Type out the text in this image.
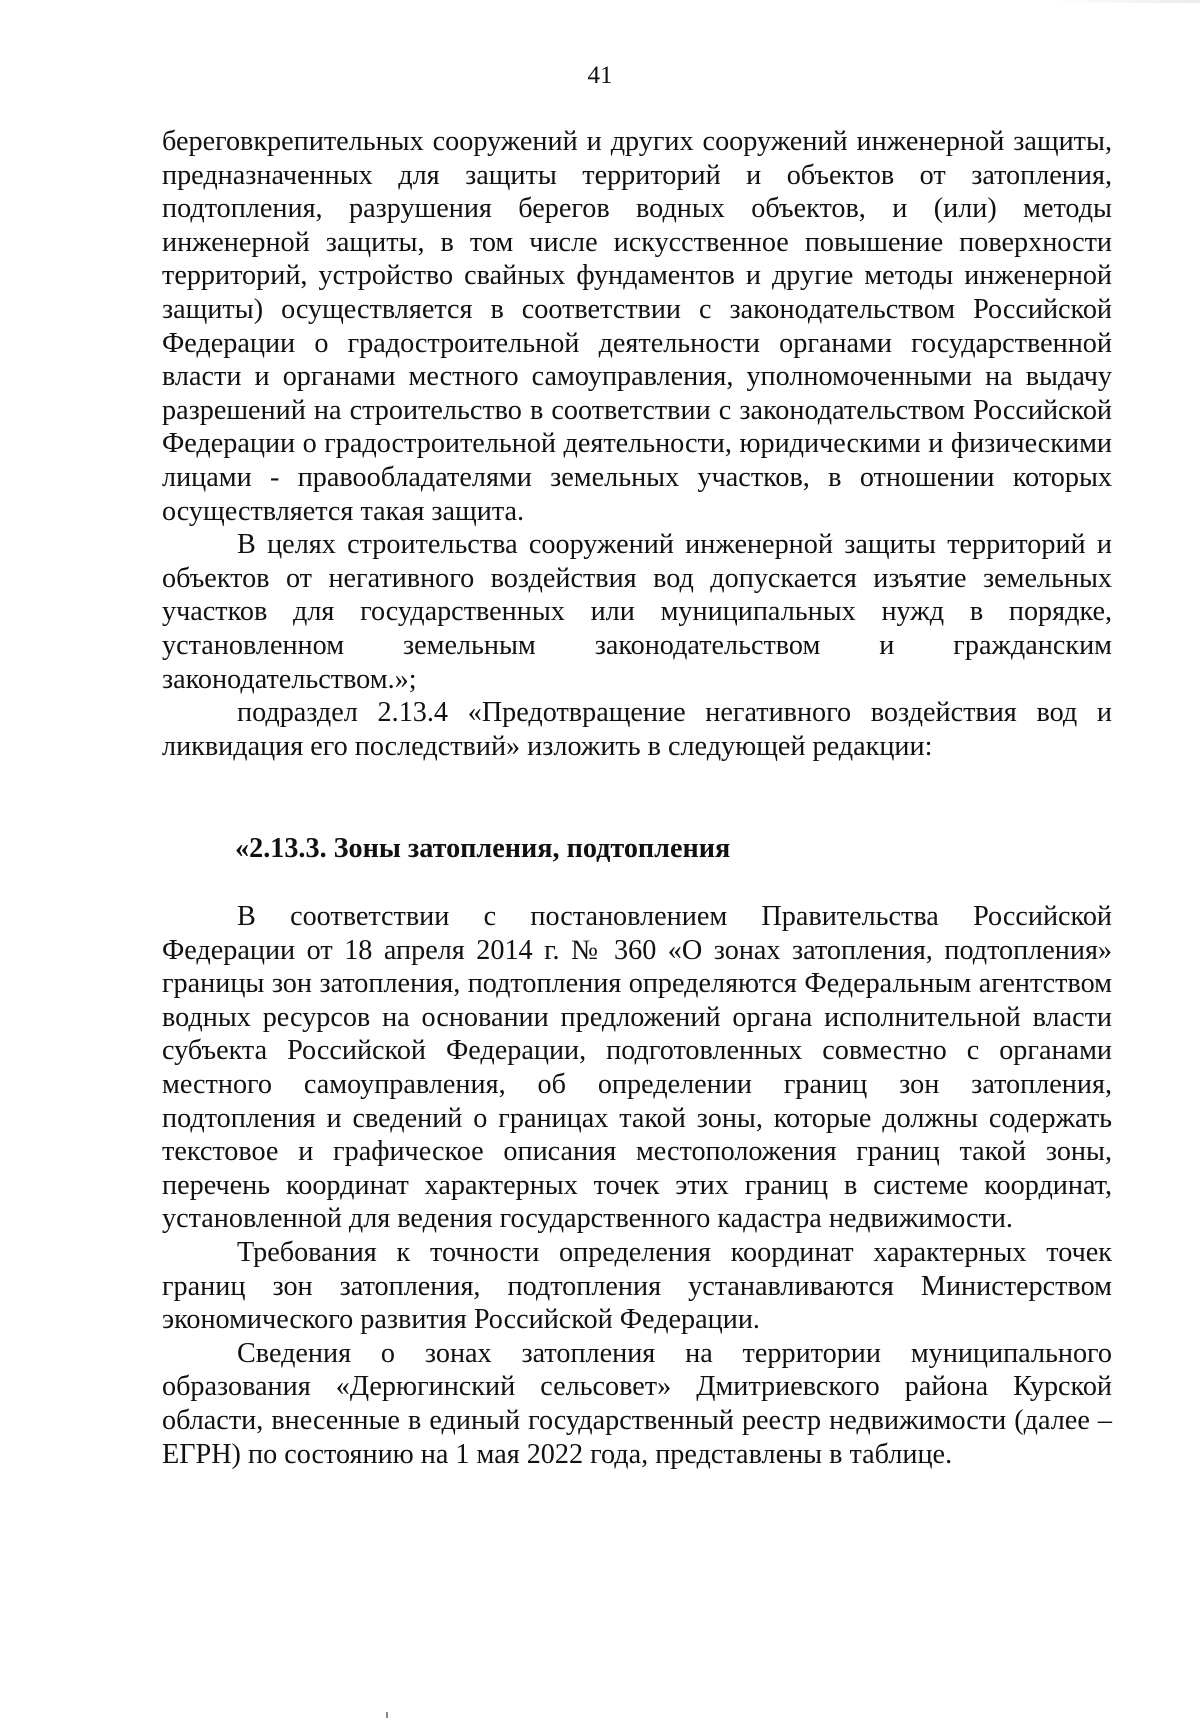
41

береговкрепительных сооружений и других сооружений инженерной защиты, предназначенных для защиты территорий и объектов от затопления, подтопления, разрушения берегов водных объектов, и (или) методы инженерной защиты, в том числе искусственное повышение поверхности территорий, устройство свайных фундаментов и другие методы инженерной защиты) осуществляется в соответствии с законодательством Российской Федерации о градостроительной деятельности органами государственной власти и органами местного самоуправления, уполномоченными на выдачу разрешений на строительство в соответствии с законодательством Российской Федерации о градостроительной деятельности, юридическими и физическими лицами - правообладателями земельных участков, в отношении которых осуществляется такая защита.

В целях строительства сооружений инженерной защиты территорий и объектов от негативного воздействия вод допускается изъятие земельных участков для государственных или муниципальных нужд в порядке, установленном земельным законодательством и гражданским законодательством.»;

подраздел 2.13.4 «Предотвращение негативного воздействия вод и ликвидация его последствий» изложить в следующей редакции:

«2.13.3. Зоны затопления, подтопления

В соответствии с постановлением Правительства Российской Федерации от 18 апреля 2014 г. № 360 «О зонах затопления, подтопления» границы зон затопления, подтопления определяются Федеральным агентством водных ресурсов на основании предложений органа исполнительной власти субъекта Российской Федерации, подготовленных совместно с органами местного самоуправления, об определении границ зон затопления, подтопления и сведений о границах такой зоны, которые должны содержать текстовое и графическое описания местоположения границ такой зоны, перечень координат характерных точек этих границ в системе координат, установленной для ведения государственного кадастра недвижимости.

Требования к точности определения координат характерных точек границ зон затопления, подтопления устанавливаются Министерством экономического развития Российской Федерации.

Сведения о зонах затопления на территории муниципального образования «Дерюгинский сельсовет» Дмитриевского района Курской области, внесенные в единый государственный реестр недвижимости (далее – ЕГРН) по состоянию на 1 мая 2022 года, представлены в таблице.
